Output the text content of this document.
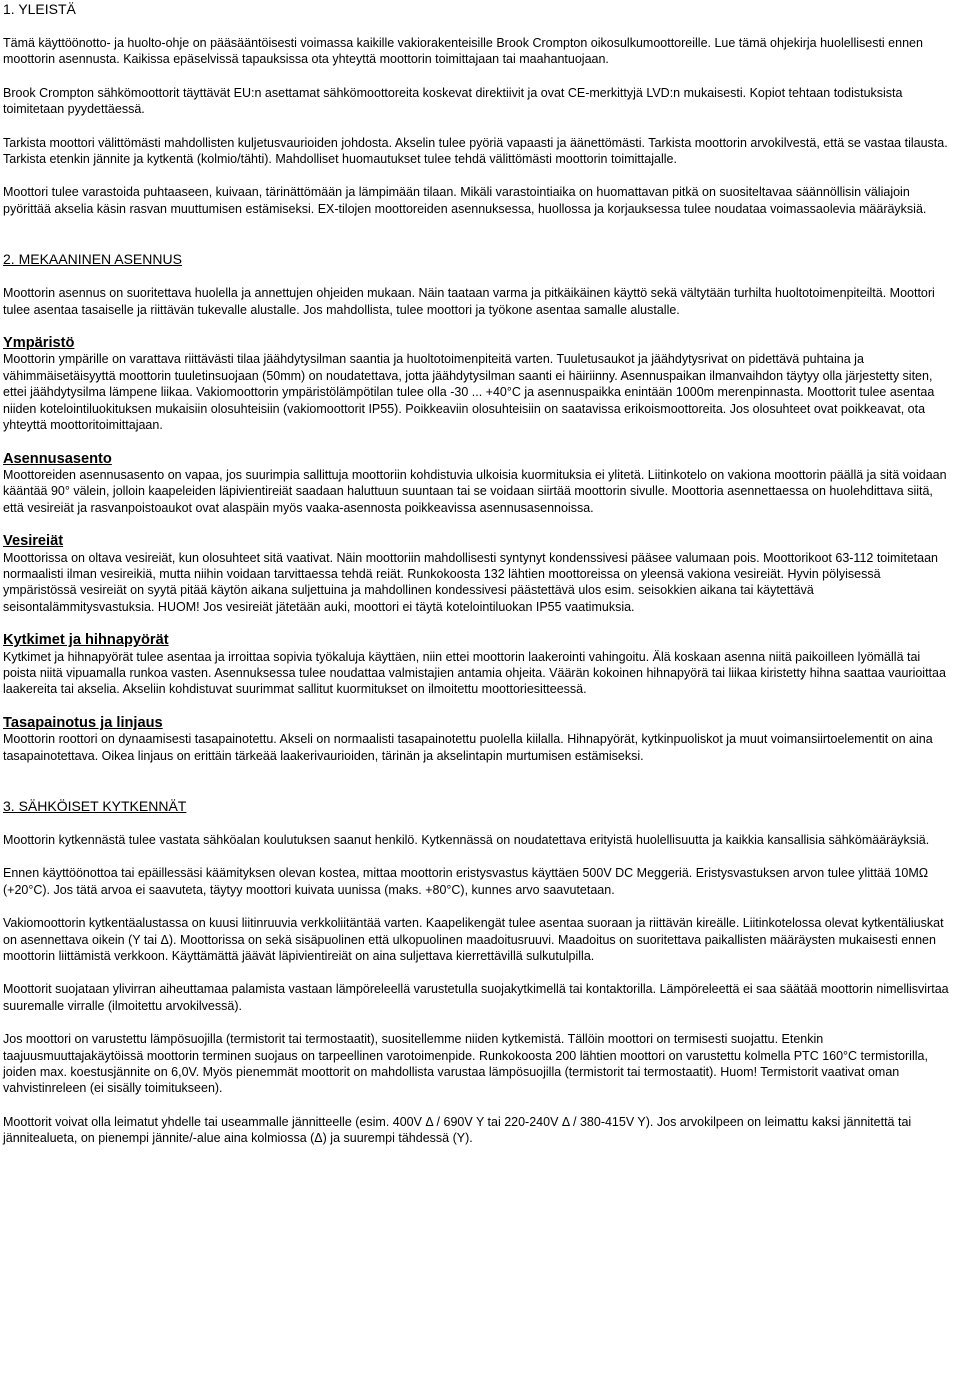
1. YLEISTÄ

Tämä käyttöönotto- ja huolto-ohje on pääsääntöisesti voimassa kaikille vakiorakenteisille Brook Crompton oikosulkumoottoreille. Lue tämä ohjekirja huolellisesti ennen moottorin asennusta. Kaikissa epäselvissä tapauksissa ota yhteyttä moottorin toimittajaan tai maahantuojaan.

Brook Crompton sähkömoottorit täyttävät EU:n asettamat sähkömoottoreita koskevat direktiivit ja ovat CE-merkittyjä LVD:n mukaisesti. Kopiot tehtaan todistuksista toimitetaan pyydettäessä.

Tarkista moottori välittömästi mahdollisten kuljetusvaurioiden johdosta. Akselin tulee pyöriä vapaasti ja äänettömästi. Tarkista moottorin arvokilvestä, että se vastaa tilausta. Tarkista etenkin jännite ja kytkentä (kolmio/tähti). Mahdolliset huomautukset tulee tehdä välittömästi moottorin toimittajalle.

Moottori tulee varastoida puhtaaseen, kuivaan, tärinättömään ja lämpimään tilaan. Mikäli varastointiaika on huomattavan pitkä on suositeltavaa säännöllisin väliajoin pyörittää akselia käsin rasvan muuttumisen estämiseksi. EX-tilojen moottoreiden asennuksessa, huollossa ja korjauksessa tulee noudataa voimassaolevia määräyksiä.

2. MEKAANINEN ASENNUS

Moottorin asennus on suoritettava huolella ja annettujen ohjeiden mukaan. Näin taataan varma ja pitkäikäinen käyttö sekä vältytään turhilta huoltotoimenpiteiltä. Moottori tulee asentaa tasaiselle ja riittävän tukevalle alustalle. Jos mahdollista, tulee moottori ja työkone asentaa samalle alustalle.

Ympäristö

Moottorin ympärille on varattava riittävästi tilaa jäähdytysilman saantia ja huoltotoimenpiteitä varten. Tuuletusaukot ja jäähdytysrivat on pidettävä puhtaina ja vähimmäisetäisyyttä moottorin tuuletinsuojaan (50mm) on noudatettava, jotta jäähdytysilman saanti ei häiriinny. Asennuspaikan ilmanvaihdon täytyy olla järjestetty siten, ettei jäähdytysilma lämpene liikaa. Vakiomoottorin ympäristölämpötilan tulee olla -30 ... +40°C ja asennuspaikka enintään 1000m merenpinnasta. Moottorit tulee asentaa niiden kotelointiluokituksen mukaisiin olosuhteisiin (vakiomoottorit IP55). Poikkeaviin olosuhteisiin on saatavissa erikoismoottoreita. Jos olosuhteet ovat poikkeavat, ota yhteyttä moottoritoimittajaan.

Asennusasento

Moottoreiden asennusasento on vapaa, jos suurimpia sallittuja moottoriin kohdistuvia ulkoisia kuormituksia ei ylitetä. Liitinkotelo on vakiona moottorin päällä ja sitä voidaan kääntää 90° välein, jolloin kaapeleiden läpivientireiät saadaan haluttuun suuntaan tai se voidaan siirtää moottorin sivulle. Moottoria asennettaessa on huolehdittava siitä, että vesireiät ja rasvanpoistoaukot ovat alaspäin myös vaaka-asennosta poikkeavissa asennusasennoissa.

Vesireiät

Moottorissa on oltava vesireiät, kun olosuhteet sitä vaativat. Näin moottoriin mahdollisesti syntynyt kondenssivesi pääsee valumaan pois. Moottorikoot 63-112 toimitetaan normaalisti ilman vesireikiä, mutta niihin voidaan tarvittaessa tehdä reiät. Runkokoosta 132 lähtien moottoreissa on yleensä vakiona vesireiät. Hyvin pölyisessä ympäristössä vesireiät on syytä pitää käytön aikana suljettuina ja mahdollinen kondessivesi päästettävä ulos esim. seisokkien aikana tai käytettävä seisontalämmitysvastuksia. HUOM! Jos vesireiät jätetään auki, moottori ei täytä kotelointiluokan IP55 vaatimuksia.

Kytkimet ja hihnapyörät

Kytkimet ja hihnapyörät tulee asentaa ja irroittaa sopivia työkaluja käyttäen, niin ettei moottorin laakerointi vahingoitu. Älä koskaan asenna niitä paikoilleen lyömällä tai poista niitä vipuamalla runkoa vasten. Asennuksessa tulee noudattaa valmistajien antamia ohjeita. Väärän kokoinen hihnapyörä tai liikaa kiristetty hihna saattaa vaurioittaa laakereita tai akselia. Akseliin kohdistuvat suurimmat sallitut kuormitukset on ilmoitettu moottoriesitteessä.

Tasapainotus ja linjaus

Moottorin roottori on dynaamisesti tasapainotettu. Akseli on normaalisti tasapainotettu puolella kiilalla. Hihnapyörät, kytkinpuoliskot ja muut voimansiirtoelementit on aina tasapainotettava. Oikea linjaus on erittäin tärkeää laakerivaurioiden, tärinän ja akselintapin murtumisen estämiseksi.

3. SÄHKÖISET KYTKENNÄT

Moottorin kytkennästä tulee vastata sähköalan koulutuksen saanut henkilö. Kytkennässä on noudatettava erityistä huolellisuutta ja kaikkia kansallisia sähkömääräyksiä.

Ennen käyttöönottoa tai epäillessäsi käämityksen olevan kostea, mittaa moottorin eristysvastus käyttäen 500V DC Meggeriä. Eristysvastuksen arvon tulee ylittää 10MΩ (+20°C). Jos tätä arvoa ei saavuteta, täytyy moottori kuivata uunissa (maks. +80°C), kunnes arvo saavutetaan.

Vakiomoottorin kytkentäalustassa on kuusi liitinruuvia verkkoliitäntää varten. Kaapelikengät tulee asentaa suoraan ja riittävän kireälle. Liitinkotelossa olevat kytkentäliuskat on asennettava oikein (Y tai Δ). Moottorissa on sekä sisäpuolinen että ulkopuolinen maadoitusruuvi. Maadoitus on suoritettava paikallisten määräysten mukaisesti ennen moottorin liittämistä verkkoon. Käyttämättä jäävät läpivientireiät on aina suljettava kierrettävillä sulkutulpilla.

Moottorit suojataan ylivirran aiheuttamaa palamista vastaan lämpöreleellä varustetulla suojakytkimellä tai kontaktorilla. Lämpöreleettä ei saa säätää moottorin nimellisvirtaa suuremalle virralle (ilmoitettu arvokilvessä).

Jos moottori on varustettu lämpösuojilla (termistorit tai termostaatit), suositellemme niiden kytkemistä. Tällöin moottori on termisesti suojattu. Etenkin taajuusmuuttajakäytöissä moottorin terminen suojaus on tarpeellinen varotoimenpide. Runkokoosta 200 lähtien moottori on varustettu kolmella PTC 160°C termistorilla, joiden max. koestusjännite on 6,0V. Myös pienemmät moottorit on mahdollista varustaa lämpösuojilla (termistorit tai termostaatit). Huom! Termistorit vaativat oman vahvistinreleen (ei sisälly toimitukseen).

Moottorit voivat olla leimatut yhdelle tai useammalle jännitteelle (esim. 400V Δ / 690V Y tai 220-240V Δ / 380-415V Y). Jos arvokilpeen on leimattu kaksi jännitettä tai jännitealueta, on pienempi jännite/-alue aina kolmiossa (Δ) ja suurempi tähdessä (Y).
